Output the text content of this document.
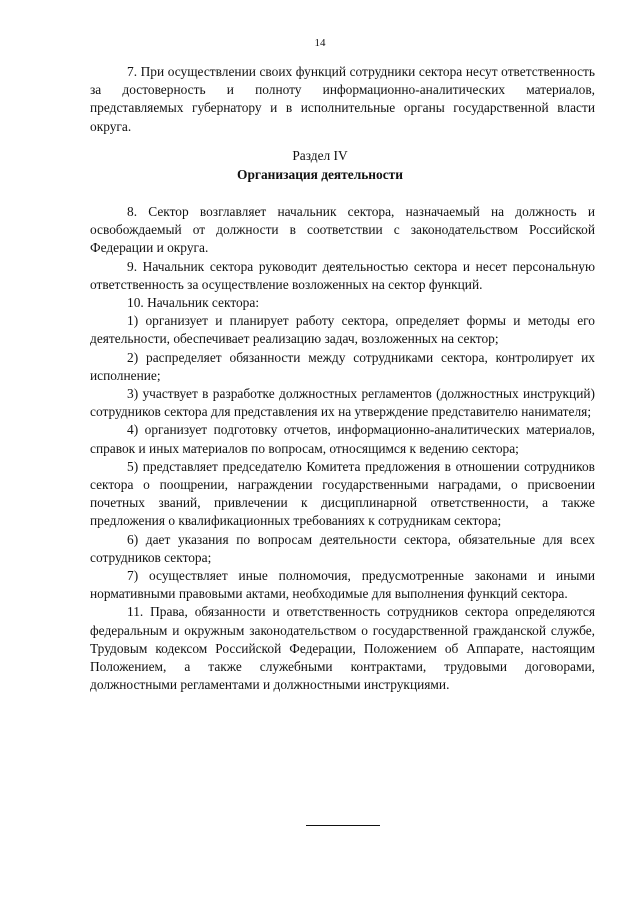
14

7. При осуществлении своих функций сотрудники сектора несут ответственность за достоверность и полноту информационно-аналитических материалов, представляемых губернатору и в исполнительные органы государственной власти округа.

Раздел IV
Организация деятельности

8. Сектор возглавляет начальник сектора, назначаемый на должность и освобождаемый от должности в соответствии с законодательством Российской Федерации и округа.

9. Начальник сектора руководит деятельностью сектора и несет персональную ответственность за осуществление возложенных на сектор функций.

10. Начальник сектора:

1) организует и планирует работу сектора, определяет формы и методы его деятельности, обеспечивает реализацию задач, возложенных на сектор;

2) распределяет обязанности между сотрудниками сектора, контролирует их исполнение;

3) участвует в разработке должностных регламентов (должностных инструкций) сотрудников сектора для представления их на утверждение представителю нанимателя;

4) организует подготовку отчетов, информационно-аналитических материалов, справок и иных материалов по вопросам, относящимся к ведению сектора;

5) представляет председателю Комитета предложения в отношении сотрудников сектора о поощрении, награждении государственными наградами, о присвоении почетных званий, привлечении к дисциплинарной ответственности, а также предложения о квалификационных требованиях к сотрудникам сектора;

6) дает указания по вопросам деятельности сектора, обязательные для всех сотрудников сектора;

7) осуществляет иные полномочия, предусмотренные законами и иными нормативными правовыми актами, необходимые для выполнения функций сектора.

11. Права, обязанности и ответственность сотрудников сектора определяются федеральным и окружным законодательством о государственной гражданской службе, Трудовым кодексом Российской Федерации, Положением об Аппарате, настоящим Положением, а также служебными контрактами, трудовыми договорами, должностными регламентами и должностными инструкциями.
